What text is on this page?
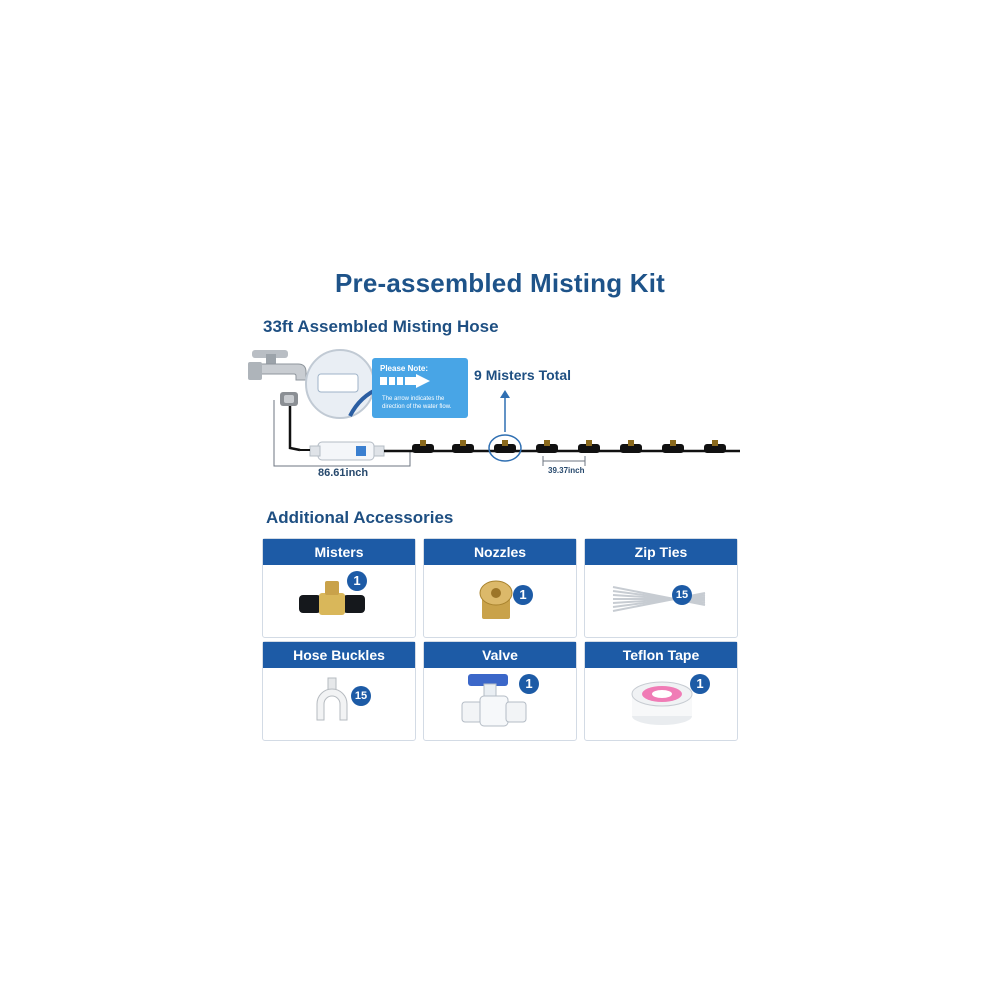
Pre-assembled Misting Kit
33ft Assembled Misting Hose
Please Note:
The arrow indicates the direction of the water flow.
9 Misters Total
86.61inch	39.37inch
Additional Accessories
Misters
1
Nozzles
1
Zip Ties
15
Hose Buckles
15
Valve
1
Teflon Tape
1
